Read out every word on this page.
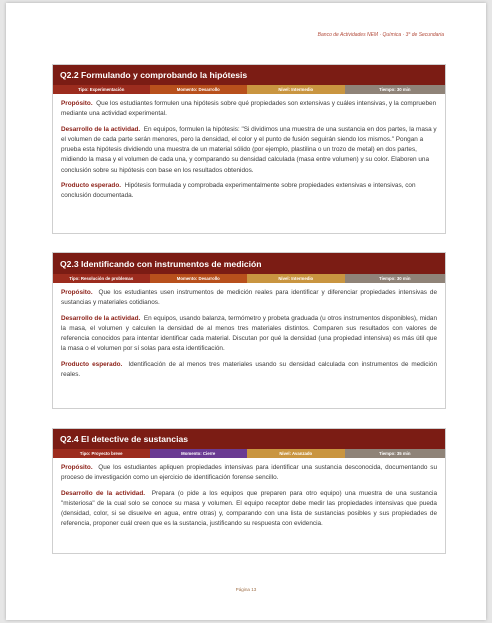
Banco de Actividades NEM · Química · 3° de Secundaria
Q2.2 Formulando y comprobando la hipótesis
Tipo: Experimentación	Momento: Desarrollo	Nivel: Intermedio	Tiempo: 30 min

Propósito. Que los estudiantes formulen una hipótesis sobre qué propiedades son extensivas y cuáles intensivas, y la comprueben mediante una actividad experimental.

Desarrollo de la actividad. En equipos, formulen la hipótesis: "Si dividimos una muestra de una sustancia en dos partes, la masa y el volumen de cada parte serán menores, pero la densidad, el color y el punto de fusión seguirán siendo los mismos." Pongan a prueba esta hipótesis dividiendo una muestra de un material sólido (por ejemplo, plastilina o un trozo de metal) en dos partes, midiendo la masa y el volumen de cada una, y comparando su densidad calculada (masa entre volumen) y su color. Elaboren una conclusión sobre su hipótesis con base en los resultados obtenidos.

Producto esperado. Hipótesis formulada y comprobada experimentalmente sobre propiedades extensivas e intensivas, con conclusión documentada.

Q2.3 Identificando con instrumentos de medición
Tipo: Resolución de problemas	Momento: Desarrollo	Nivel: Intermedio	Tiempo: 30 min

Propósito. Que los estudiantes usen instrumentos de medición reales para identificar y diferenciar propiedades intensivas de sustancias y materiales cotidianos.

Desarrollo de la actividad. En equipos, usando balanza, termómetro y probeta graduada (u otros instrumentos disponibles), midan la masa, el volumen y calculen la densidad de al menos tres materiales distintos. Comparen sus resultados con valores de referencia conocidos para intentar identificar cada material. Discutan por qué la densidad (una propiedad intensiva) es más útil que la masa o el volumen por sí solas para esta identificación.

Producto esperado. Identificación de al menos tres materiales usando su densidad calculada con instrumentos de medición reales.

Q2.4 El detective de sustancias
Tipo: Proyecto breve	Momento: Cierre	Nivel: Avanzado	Tiempo: 35 min

Propósito. Que los estudiantes apliquen propiedades intensivas para identificar una sustancia desconocida, documentando su proceso de investigación como un ejercicio de identificación forense sencillo.

Desarrollo de la actividad. Prepara (o pide a los equipos que preparen para otro equipo) una muestra de una sustancia "misteriosa" de la cual solo se conoce su masa y volumen. El equipo receptor debe medir las propiedades intensivas que pueda (densidad, color, si se disuelve en agua, entre otras) y, comparando con una lista de sustancias posibles y sus propiedades de referencia, proponer cuál creen que es la sustancia, justificando su respuesta con evidencia.

Página 13
